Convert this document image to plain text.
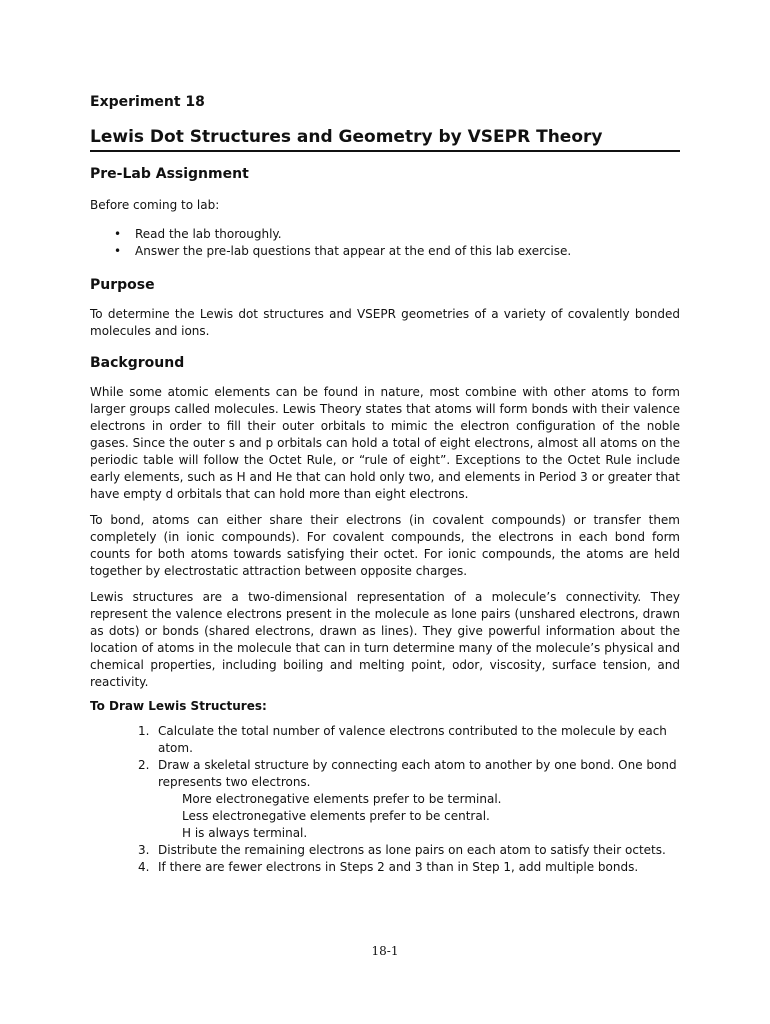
Experiment 18

Lewis Dot Structures and Geometry by VSEPR Theory

Pre-Lab Assignment

Before coming to lab:

• Read the lab thoroughly.
• Answer the pre-lab questions that appear at the end of this lab exercise.
Purpose

To determine the Lewis dot structures and VSEPR geometries of a variety of covalently bonded molecules and ions.

Background

While some atomic elements can be found in nature, most combine with other atoms to form larger groups called molecules. Lewis Theory states that atoms will form bonds with their valence electrons in order to fill their outer orbitals to mimic the electron configuration of the noble gases. Since the outer s and p orbitals can hold a total of eight electrons, almost all atoms on the periodic table will follow the Octet Rule, or “rule of eight”. Exceptions to the Octet Rule include early elements, such as H and He that can hold only two, and elements in Period 3 or greater that have empty d orbitals that can hold more than eight electrons.

To bond, atoms can either share their electrons (in covalent compounds) or transfer them completely (in ionic compounds). For covalent compounds, the electrons in each bond form counts for both atoms towards satisfying their octet. For ionic compounds, the atoms are held together by electrostatic attraction between opposite charges.

Lewis structures are a two-dimensional representation of a molecule’s connectivity. They represent the valence electrons present in the molecule as lone pairs (unshared electrons, drawn as dots) or bonds (shared electrons, drawn as lines). They give powerful information about the location of atoms in the molecule that can in turn determine many of the molecule’s physical and chemical properties, including boiling and melting point, odor, viscosity, surface tension, and reactivity.

To Draw Lewis Structures:
1. Calculate the total number of valence electrons contributed to the molecule by each atom.
2. Draw a skeletal structure by connecting each atom to another by one bond. One bond represents two electrons.
More electronegative elements prefer to be terminal.
Less electronegative elements prefer to be central.
H is always terminal.
3. Distribute the remaining electrons as lone pairs on each atom to satisfy their octets.
4. If there are fewer electrons in Steps 2 and 3 than in Step 1, add multiple bonds.
18-1
